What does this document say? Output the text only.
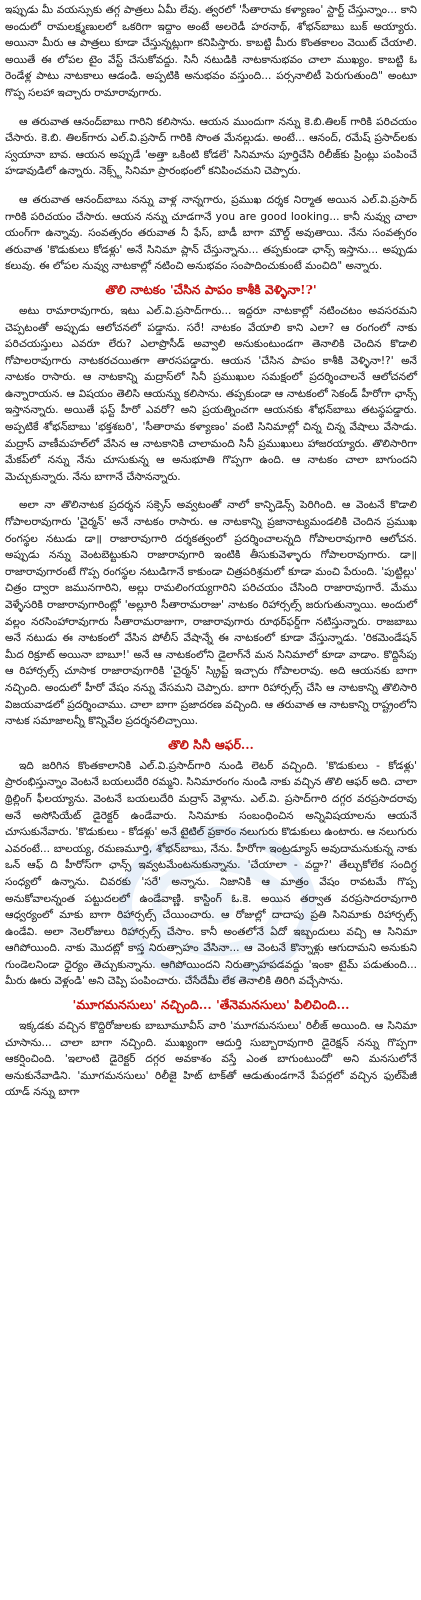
ఇప్పుడు మీ వయస్సుకు తగ్గ పాత్రలు ఏమీ లేవు. త్వరలో 'సీతారామ కళ్యాణం' స్టార్ట్ చేస్తున్నాం... కాని అందులో రామలక్ష్మణులలో ఒకరిగా ఇద్దాం అంటే అలరెడీ హరనాథ్, శోభన్‌బాబు బుక్ అయ్యారు. అయినా మీరు ఆ పాత్రలు కూడా చేస్తున్నట్లుగా కనిపిస్తారు. కాబట్టి మీరు కొంతకాలం వెయిట్ చేయాలి. అయితే ఈ లోపల టైం వేస్ట్ చేసుకోవద్దు. సినీ నటుడికి నాటకానుభవం చాలా ముఖ్యం. కాబట్టి ఓ రెండేళ్ల పాటు నాటకాలు ఆడండి. అప్పటికి అనుభవం వస్తుంది... పర్సనాలిటీ పెరుగుతుంది" అంటూ గొప్ప సలహా ఇచ్చారు రామారావుగారు.

ఆ తరువాత ఆనంద్‌బాబు గారిని కలిసాను. ఆయన ముందుగా నన్ను కె.బి.తిలక్ గారికి పరిచయం చేసారు. కె.బి. తిలక్‌గారు ఎల్.వి.ప్రసాద్ గారికి సొంత మేనల్లుడు. అంటే... ఆనంద్, రమేష్ ప్రసాద్‌లకు స్వయానా బావ. ఆయన అప్పుడే 'అత్తా ఒకింటి కోడలే' సినిమాను పూర్తిచేసి రిలీజ్‌కు ప్రింట్లు పంపించే హడావుడిలో ఉన్నారు. నెక్స్ట్ సినిమా ప్రారంభంలో కనిపించమని చెప్పారు.

ఆ తరువాత ఆనంద్‌బాబు నన్ను వాళ్ల నాన్నగారు, ప్రముఖ దర్శక నిర్మాత అయిన ఎల్.వి.ప్రసాద్ గారికి పరిచయం చేసారు. ఆయన నన్ను చూడగానే you are good looking... కానీ నువ్వు చాలా యంగ్‌గా ఉన్నావు. సంవత్సరం తరువాత నీ ఫేస్, బాడీ బాగా మౌల్డ్ అవుతాయి. నేను సంవత్సరం తరువాత 'కొడుకులు కోడళ్లు' అనే సినిమా ప్లాన్ చేస్తున్నాను... తప్పకుండా ఛాన్స్ ఇస్తాను... అప్పుడు కలువు. ఈ లోపల నువ్వు నాటకాల్లో నటించి అనుభవం సంపాదించుకుంటే మంచిది" అన్నారు.

తొలి నాటకం 'చేసిన పాపం కాశీకి వెళ్ళినా!?'

అటు రామారావుగారు, ఇటు ఎల్.వి.ప్రసాద్‌గారు... ఇద్దరూ నాటకాల్లో నటించటం అవసరమని చెప్పటంతో అప్పుడు ఆలోచనలో పడ్డాను. సరే! నాటకం వేయాలి కాని ఎలా? ఆ రంగంలో నాకు పరిచయస్తులు ఎవరూ లేరు? ఎలాప్రొసీడ్ అవ్వాలి అనుకుంటుండగా తెనాలికి చెందిన కొడాలి గోపాలరావుగారు నాటకరచయితగా తారసపడ్డారు. ఆయన 'చేసిన పాపం కాశీకి వెళ్ళినా!?' అనే నాటకం రాసారు. ఆ నాటకాన్ని మద్రాస్‌లో సినీ ప్రముఖుల సమక్షంలో ప్రదర్శించాలనే ఆలోచనలో ఉన్నారాయన. ఆ విషయం తెలిసి ఆయన్ను కలిసాను. తప్పకుండా ఆ నాటకంలో సెకండ్ హీరోగా ఛాన్స్ ఇస్తానన్నారు. అయితే ఫస్ట్ హీరో ఎవరో? అని ప్రయత్నించగా ఆయనకు శోభన్‌బాబు తటస్థపడ్డారు. అప్పటికే శోభన్‌బాబు 'భక్తశబరి', 'సీతారామ కళ్యాణం' వంటి సినిమాల్లో చిన్న చిన్న వేషాలు వేసాడు. మద్రాస్ వాణీమహల్‌లో వేసిన ఆ నాటకానికి చాలామంది సినీ ప్రముఖులు హాజరయ్యారు. తొలిసారిగా మేకప్‌లో నన్ను నేను చూసుకున్న ఆ అనుభూతి గొప్పగా ఉంది. ఆ నాటకం చాలా బాగుందని మెచ్చుకున్నారు. నేను బాగానే చేసానన్నారు.

అలా నా తొలినాటక ప్రదర్శన సక్సెస్ అవ్వటంతో నాలో కాన్ఫిడెన్స్ పెరిగింది. ఆ వెంటనే కొడాలి గోపాలరావుగారు 'చైర్మన్' అనే నాటకం రాసారు. ఆ నాటకాన్ని ప్రజానాట్యమండలికి చెందిన ప్రముఖ రంగస్థల నటుడు డా॥ రాజారావుగారి దర్శకత్వంలో ప్రదర్శించాలన్నది గోపాలరావుగారి ఆలోచన. అప్పుడు నన్ను వెంటబెట్టుకుని రాజారావుగారి ఇంటికి తీసుకువెళ్ళారు గోపాలరావుగారు. డా॥ రాజారావుగారంటే గొప్ప రంగస్థల నటుడిగానే కాకుండా చిత్రపరిశ్రమలో కూడా మంచి పేరుంది. 'పుట్టిల్లు' చిత్రం ద్వారా జమునగారిని, అల్లు రామలింగయ్యగారిని పరిచయం చేసింది రాజారావుగారే. మేము వెళ్ళేసరికి రాజారావుగారింట్లో 'అల్లూరి సీతారామరాజు' నాటకం రిహార్సల్స్ జరుగుతున్నాయి. అందులో వల్లం నరసింహారావుగారు సీతారామరాజుగా, రాజారావుగారు రూథర్‌ఫర్డ్‌గా నటిస్తున్నారు. రాజబాబు అనే నటుడు ఈ నాటకంలో వేసిన పోలీస్ వేషాన్నే ఈ నాటకంలో కూడా వేస్తున్నాడు. 'రికమెండేషన్ మీద రిక్రూట్ అయినా బాబూ!' అనే ఆ నాటకంలోని డైలాగ్‌నే మన సినిమాలో కూడా వాడాం. కొద్దిసేపు ఆ రిహార్సల్స్ చూసాక రాజారావుగారికి 'చైర్మన్' స్క్రిప్ట్ ఇచ్చారు గోపాలరావు. అది ఆయనకు బాగా నచ్చింది. అందులో హీరో వేషం నన్ను వేసమని చెప్పారు. బాగా రిహార్సల్స్ చేసి ఆ నాటకాన్ని తొలిసారి విజయవాడలో ప్రదర్శించాము. చాలా బాగా ప్రజాదరణ వచ్చింది. ఆ తరువాత ఆ నాటకాన్ని రాష్ట్రంలోని నాటక సమాజాలన్నీ కొన్నివేల ప్రదర్శనలిచ్చాయి.

తొలి సినీ ఆఫర్...

ఇది జరిగిన కొంతకాలానికి ఎల్.వి.ప్రసాద్‌గారి నుండి లెటర్ వచ్చింది. 'కొడుకులు - కోడళ్లు' ప్రారంభిస్తున్నాం వెంటనే బయలుదేరి రమ్మని. సినిమారంగం నుండి నాకు వచ్చిన తొలి ఆఫర్ అది. చాలా థ్రిల్లింగ్ ఫీలయ్యాను. వెంటనే బయలుదేరి మద్రాస్ వెళ్లాను. ఎల్.వి. ప్రసాద్‌గారి దగ్గర వరప్రసాదరావు అనే అసోసియేట్ డైరెక్టర్ ఉండేవారు. సినిమాకు సంబంధించిన అన్నివిషయాలను ఆయనే చూసుకునేవారు. 'కొడుకులు - కోడళ్లు' అనే టైటిల్ ప్రకారం నలుగురు కొడుకులు ఉంటారు. ఆ నలుగురు ఎవరంటే... బాలయ్య, రమణమూర్తి, శోభన్‌బాబు, నేను. హీరోగా ఇంట్రడ్యూస్ అవుదామనుకున్న నాకు ఒన్ ఆఫ్ ది హీరోస్‌గా ఛాన్స్ ఇవ్వటమేంటనుకున్నాను. 'చేయాలా - వద్దా?' తేల్చుకోలేక సందిగ్ధ సంధ్యలో ఉన్నాను. చివరకు 'సరే' అన్నాను. నిజానికి ఆ మాత్రం వేషం రావటమే గొప్ప అనుకోవాలన్నంత పట్టుదలలో ఉండేవాణ్ణి. కాస్టింగ్ ఓ.కె. అయిన తర్వాత వరప్రసాదరావుగారి ఆధ్వర్యంలో మాకు బాగా రిహార్సల్స్ చేయించారు. ఆ రోజుల్లో దాదాపు ప్రతి సినిమాకు రిహార్సల్స్ ఉండేవి. అలా నెలరోజులు రిహార్సల్స్ చేసాం. కానీ అంతలోనే ఏదో ఇబ్బందులు వచ్చి ఆ సినిమా ఆగిపోయింది. నాకు మొదట్లో కాస్త నిరుత్సాహం వేసినా... ఆ వెంటనే కొన్నాళ్లు ఆగుదామని అనుకుని గుండెలనిండా ధైర్యం తెచ్చుకున్నాను. ఆగిపోయిందని నిరుత్సాహపడవద్దు 'ఇంకా టైమ్ పడుతుంది... మీరు ఊరు వెళ్లండి' అని చెప్పి పంపించారు. చేసేదేమీ లేక తెనాలికి తిరిగి వచ్చేసాను.

'మూగమనసులు' నచ్చింది... 'తేనెమనసులు' పిలిచింది...

ఇక్కడకు వచ్చిన కొద్దిరోజులకు బాబూమూవీస్ వారి 'మూగమనసులు' రిలీజ్ అయింది. ఆ సినిమా చూసాను... చాలా బాగా నచ్చింది. ముఖ్యంగా ఆదుర్తి సుబ్బారావుగారి డైరెక్షన్ నన్ను గొప్పగా ఆకర్షించింది. 'ఇలాంటి డైరెక్టర్ దగ్గర అవకాశం వస్తే ఎంత బాగుంటుందో' అని మనసులోనే అనుకునేవాడిని. 'మూగమనసులు' రిలీజై హిట్ టాక్‌తో ఆడుతుండగానే పేపర్లలో వచ్చిన ఫుల్‌పేజీ యాడ్ నన్ను బాగా
